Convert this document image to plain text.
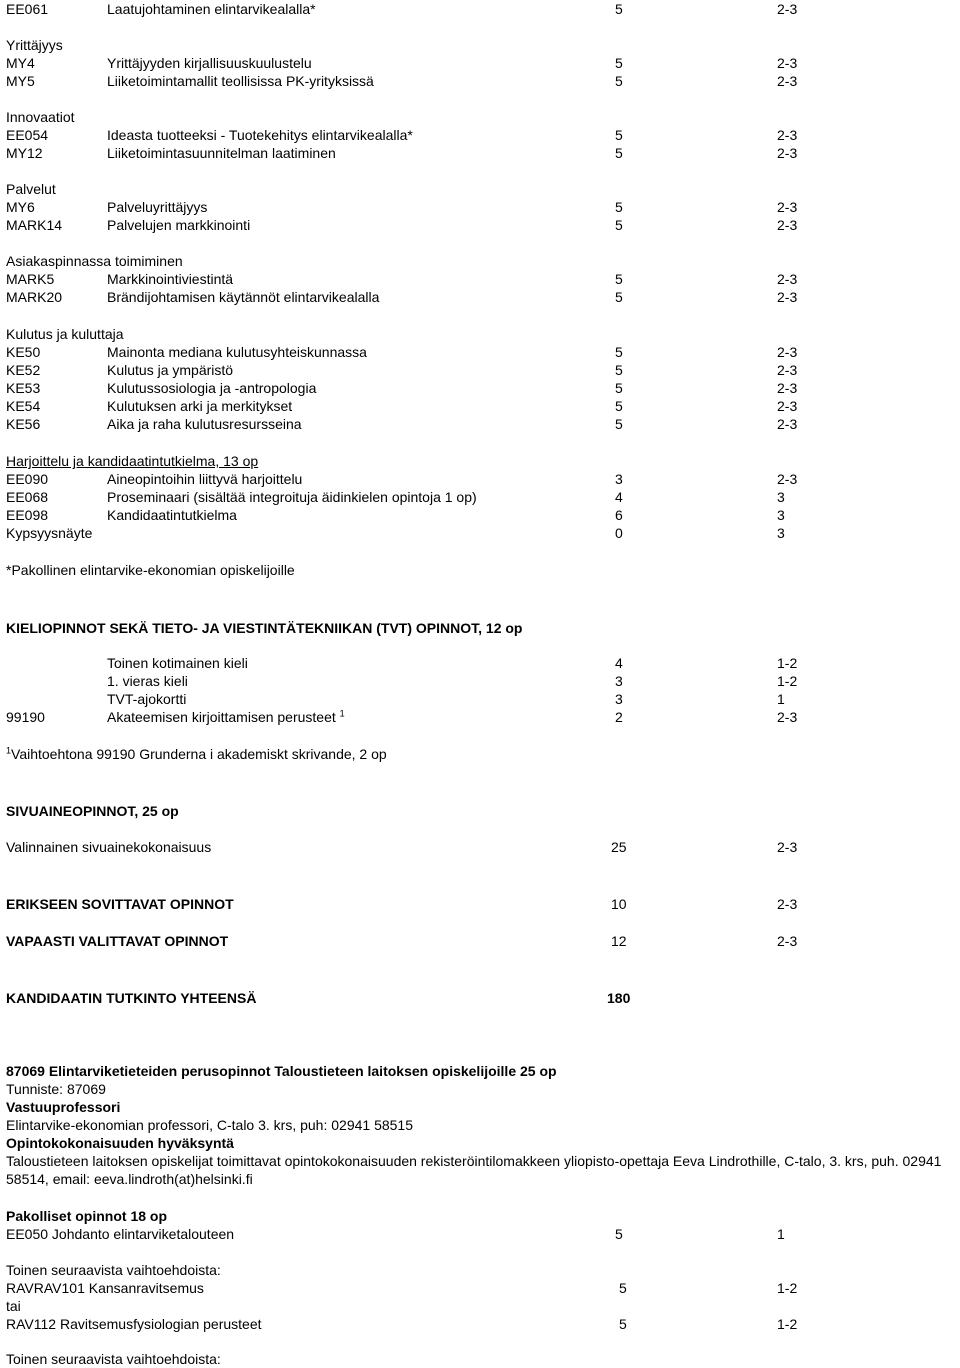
EE061	Laatujohtaminen elintarvikealalla*	5	2-3
Yrittäjyys
MY4	Yrittäjyyden kirjallisuuskuulustelu	5	2-3
MY5	Liiketoimintamallit teollisissa PK-yrityksissä	5	2-3
Innovaatiot
EE054	Ideasta tuotteeksi - Tuotekehitys elintarvikealalla*	5	2-3
MY12	Liiketoimintasuunnitelman laatiminen	5	2-3
Palvelut
MY6	Palveluyrittäjyys	5	2-3
MARK14	Palvelujen markkinointi	5	2-3
Asiakaspinnassa toimiminen
MARK5	Markkinointiviestintä	5	2-3
MARK20	Brändijohtamisen käytännöt elintarvikealalla	5	2-3
Kulutus ja kuluttaja
KE50	Mainonta mediana kulutusyhteiskunnassa	5	2-3
KE52	Kulutus ja ympäristö	5	2-3
KE53	Kulutussosiologia ja -antropologia	5	2-3
KE54	Kulutuksen arki ja merkitykset	5	2-3
KE56	Aika ja raha kulutusresursseina	5	2-3
Harjoittelu ja kandidaatintutkielma, 13 op
EE090	Aineopintoihin liittyvä harjoittelu	3	2-3
EE068	Proseminaari (sisältää integroituja äidinkielen opintoja 1 op)	4	3
EE098	Kandidaatintutkielma	6	3
Kypsyysnäyte	0	3
*Pakollinen elintarvike-ekonomian opiskelijoille
KIELIOPINNOT SEKÄ TIETO- JA VIESTINTÄTEKNIIKAN (TVT) OPINNOT, 12 op
Toinen kotimainen kieli	4	1-2
1. vieras kieli	3	1-2
TVT-ajokortti	3	1
99190	Akateemisen kirjoittamisen perusteet $^1$	2	2-3
$^1$Vaihtoehtona 99190 Grunderna i akademiskt skrivande, 2 op
SIVUAINEOPINNOT, 25 op
Valinnainen sivuainekokonaisuus	25	2-3
ERIKSEEN SOVITTAVAT OPINNOT	10	2-3
VAPAASTI VALITTAVAT OPINNOT	12	2-3
KANDIDAATIN TUTKINTO YHTEENSÄ	180
87069 Elintarviketieteiden perusopinnot Taloustieteen laitoksen opiskelijoille 25 op
Tunniste: 87069
Vastuuprofessori
Elintarvike-ekonomian professori, C-talo 3. krs, puh: 02941 58515
Opintokokonaisuuden hyväksyntä
Taloustieteen laitoksen opiskelijat toimittavat opintokokonaisuuden rekisteröintilomakkeen yliopisto-opettaja Eeva Lindrothille, C-talo, 3. krs, puh. 02941 58514, email: eeva.lindroth(at)helsinki.fi
Pakolliset opinnot 18 op
EE050 Johdanto elintarviketalouteen	5	1
Toinen seuraavista vaihtoehdoista:
RAVRAV101 Kansanravitsemus	5	1-2
tai
RAV112 Ravitsemusfysiologian perusteet	5	1-2
Toinen seuraavista vaihtoehdoista:
